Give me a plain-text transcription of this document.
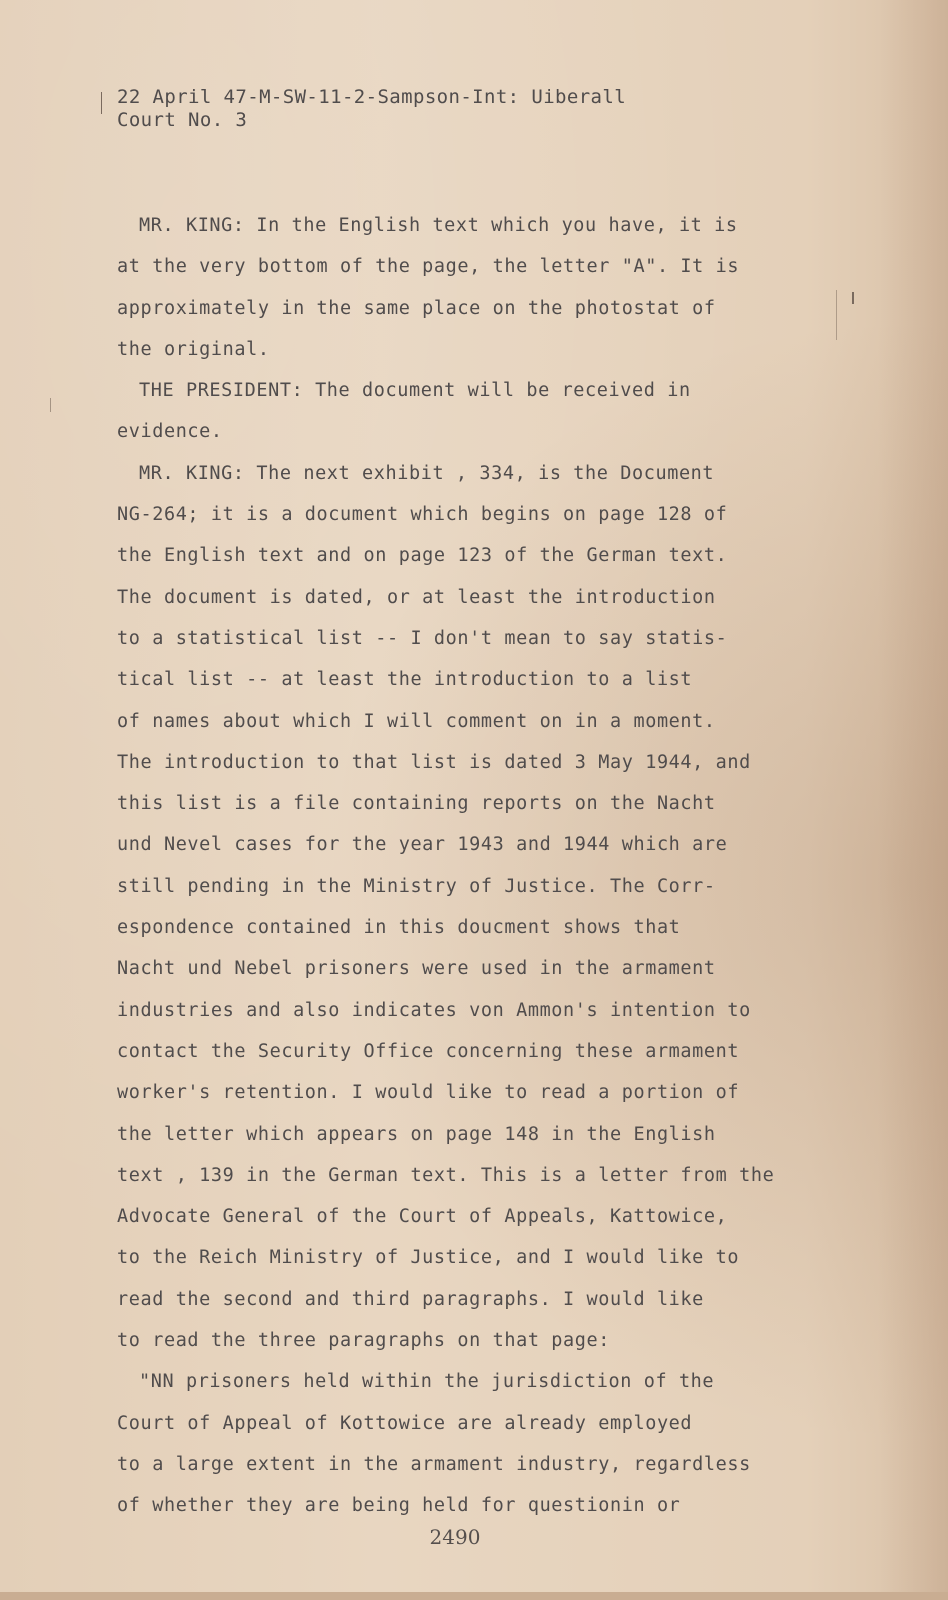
22 April 47-M-SW-11-2-Sampson-Int: Uiberall
Court No. 3
MR. KING: In the English text which you have, it is
at the very bottom of the page, the letter "A". It is
approximately in the same place on the photostat of
the original.
THE PRESIDENT: The document will be received in
evidence.
MR. KING: The next exhibit , 334, is the Document
NG-264; it is a document which begins on page 128 of
the English text and on page 123 of the German text.
The document is dated, or at least the introduction
to a statistical list -- I don't mean to say statis-
tical list -- at least the introduction to a list
of names about which I will comment on in a moment.
The introduction to that list is dated 3 May 1944, and
this list is a file containing reports on the Nacht
und Nevel cases for the year 1943 and 1944 which are
still pending in the Ministry of Justice. The Corr-
espondence contained in this doucment shows that
Nacht und Nebel prisoners were used in the armament
industries and also indicates von Ammon's intention to
contact the Security Office concerning these armament
worker's retention. I would like to read a portion of
the letter which appears on page 148 in the English
text , 139 in the German text. This is a letter from the
Advocate General of the Court of Appeals, Kattowice,
to the Reich Ministry of Justice, and I would like to
read the second and third paragraphs. I would like
to read the three paragraphs on that page:
"NN prisoners held within the jurisdiction of the
Court of Appeal of Kottowice are already employed
to a large extent in the armament industry, regardless
of whether they are being held for questionin or
2490
